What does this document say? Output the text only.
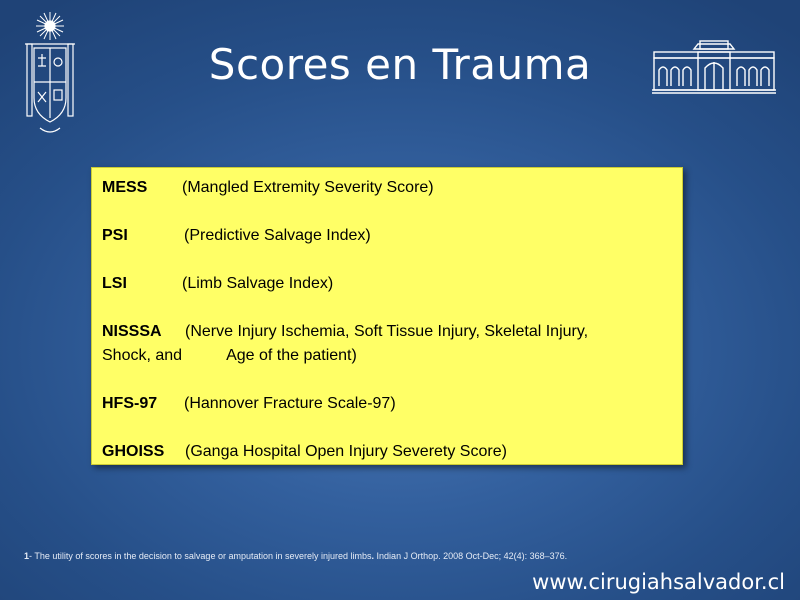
Scores en Trauma
MESS (Mangled Extremity Severity Score)
PSI	(Predictive Salvage Index)
LSI	(Limb Salvage Index)
NISSSA (Nerve Injury Ischemia, Soft Tissue Injury, Skeletal Injury,
Shock, and	Age of the patient)
HFS-97 (Hannover Fracture Scale-97)
GHOISS (Ganga Hospital Open Injury Severety Score)
1- The utility of scores in the decision to salvage or amputation in severely injured limbs. Indian J Orthop. 2008 Oct-Dec; 42(4): 368–376.
www.cirugiahsalvador.cl
